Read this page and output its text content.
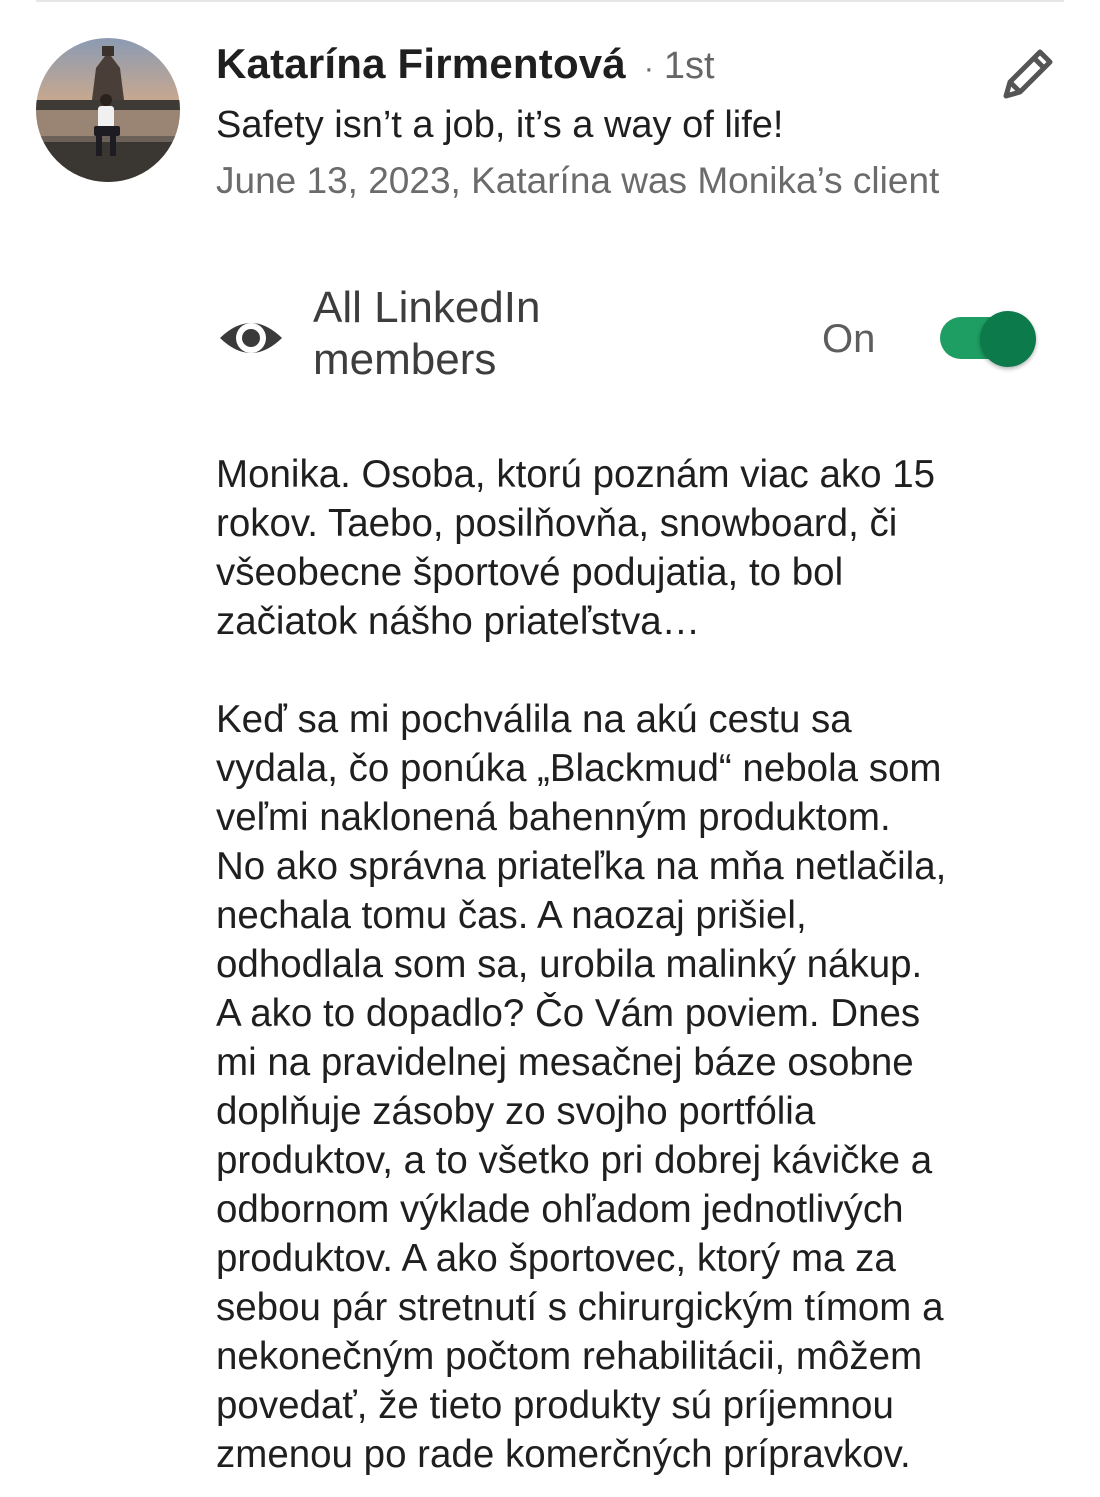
Katarína Firmentová · 1st
Safety isn’t a job, it’s a way of life!
June 13, 2023, Katarína was Monika’s client
All LinkedIn members	On

Monika. Osoba, ktorú poznám viac ako 15
rokov. Taebo, posilňovňa, snowboard, či
všeobecne športové podujatia, to bol
začiatok nášho priateľstva…

Keď sa mi pochválila na akú cestu sa
vydala, čo ponúka „Blackmud“ nebola som
veľmi naklonená bahenným produktom.
No ako správna priateľka na mňa netlačila,
nechala tomu čas. A naozaj prišiel,
odhodlala som sa, urobila malinký nákup.
A ako to dopadlo? Čo Vám poviem. Dnes
mi na pravidelnej mesačnej báze osobne
doplňuje zásoby zo svojho portfólia
produktov, a to všetko pri dobrej kávičke a
odbornom výklade ohľadom jednotlivých
produktov. A ako športovec, ktorý ma za
sebou pár stretnutí s chirurgickým tímom a
nekonečným počtom rehabilitácii, môžem
povedať, že tieto produkty sú príjemnou
zmenou po rade komerčných prípravkov.
